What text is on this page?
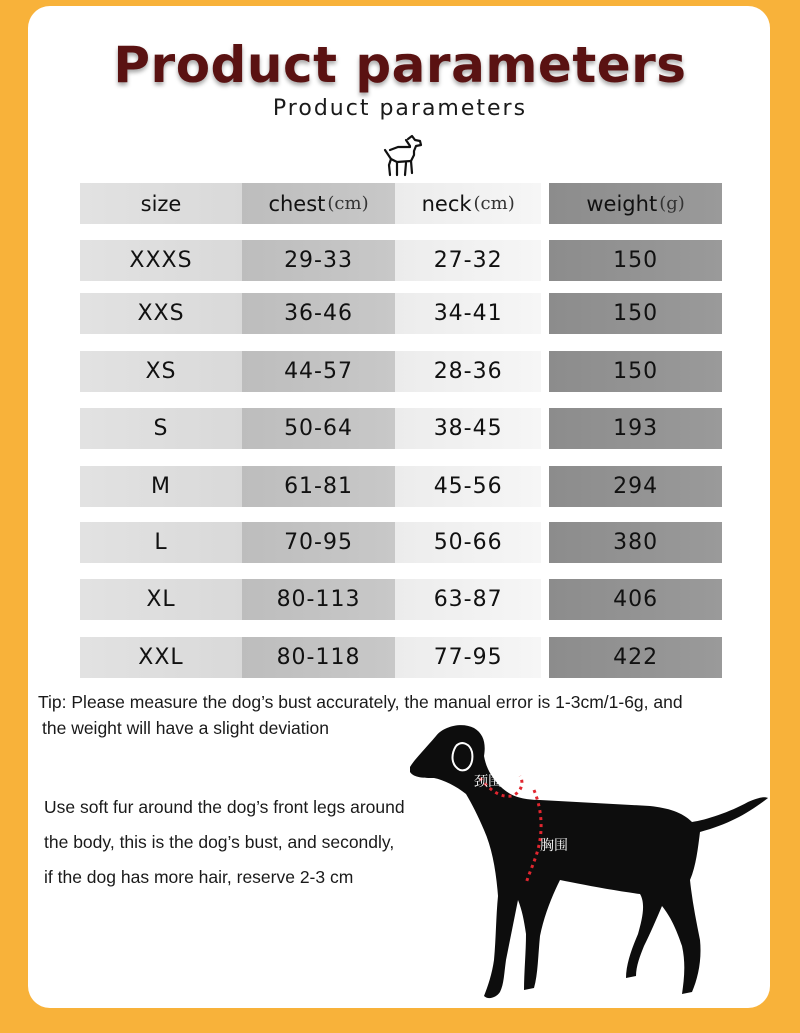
Product parameters
Product parameters
size	chest (cm)	neck (cm)	weight (g)
XXXS	29-33	27-32	150
XXS	36-46	34-41	150
XS	44-57	28-36	150
S	50-64	38-45	193
M	61-81	45-56	294
L	70-95	50-66	380
XL	80-113	63-87	406
XXL	80-118	77-95	422
Tip: Please measure the dog’s bust accurately, the manual error is 1-3cm/1-6g, and
the weight will have a slight deviation
Use soft fur around the dog’s front legs around
the body, this is the dog’s bust, and secondly,
if the dog has more hair, reserve 2-3 cm
颈围
胸围
